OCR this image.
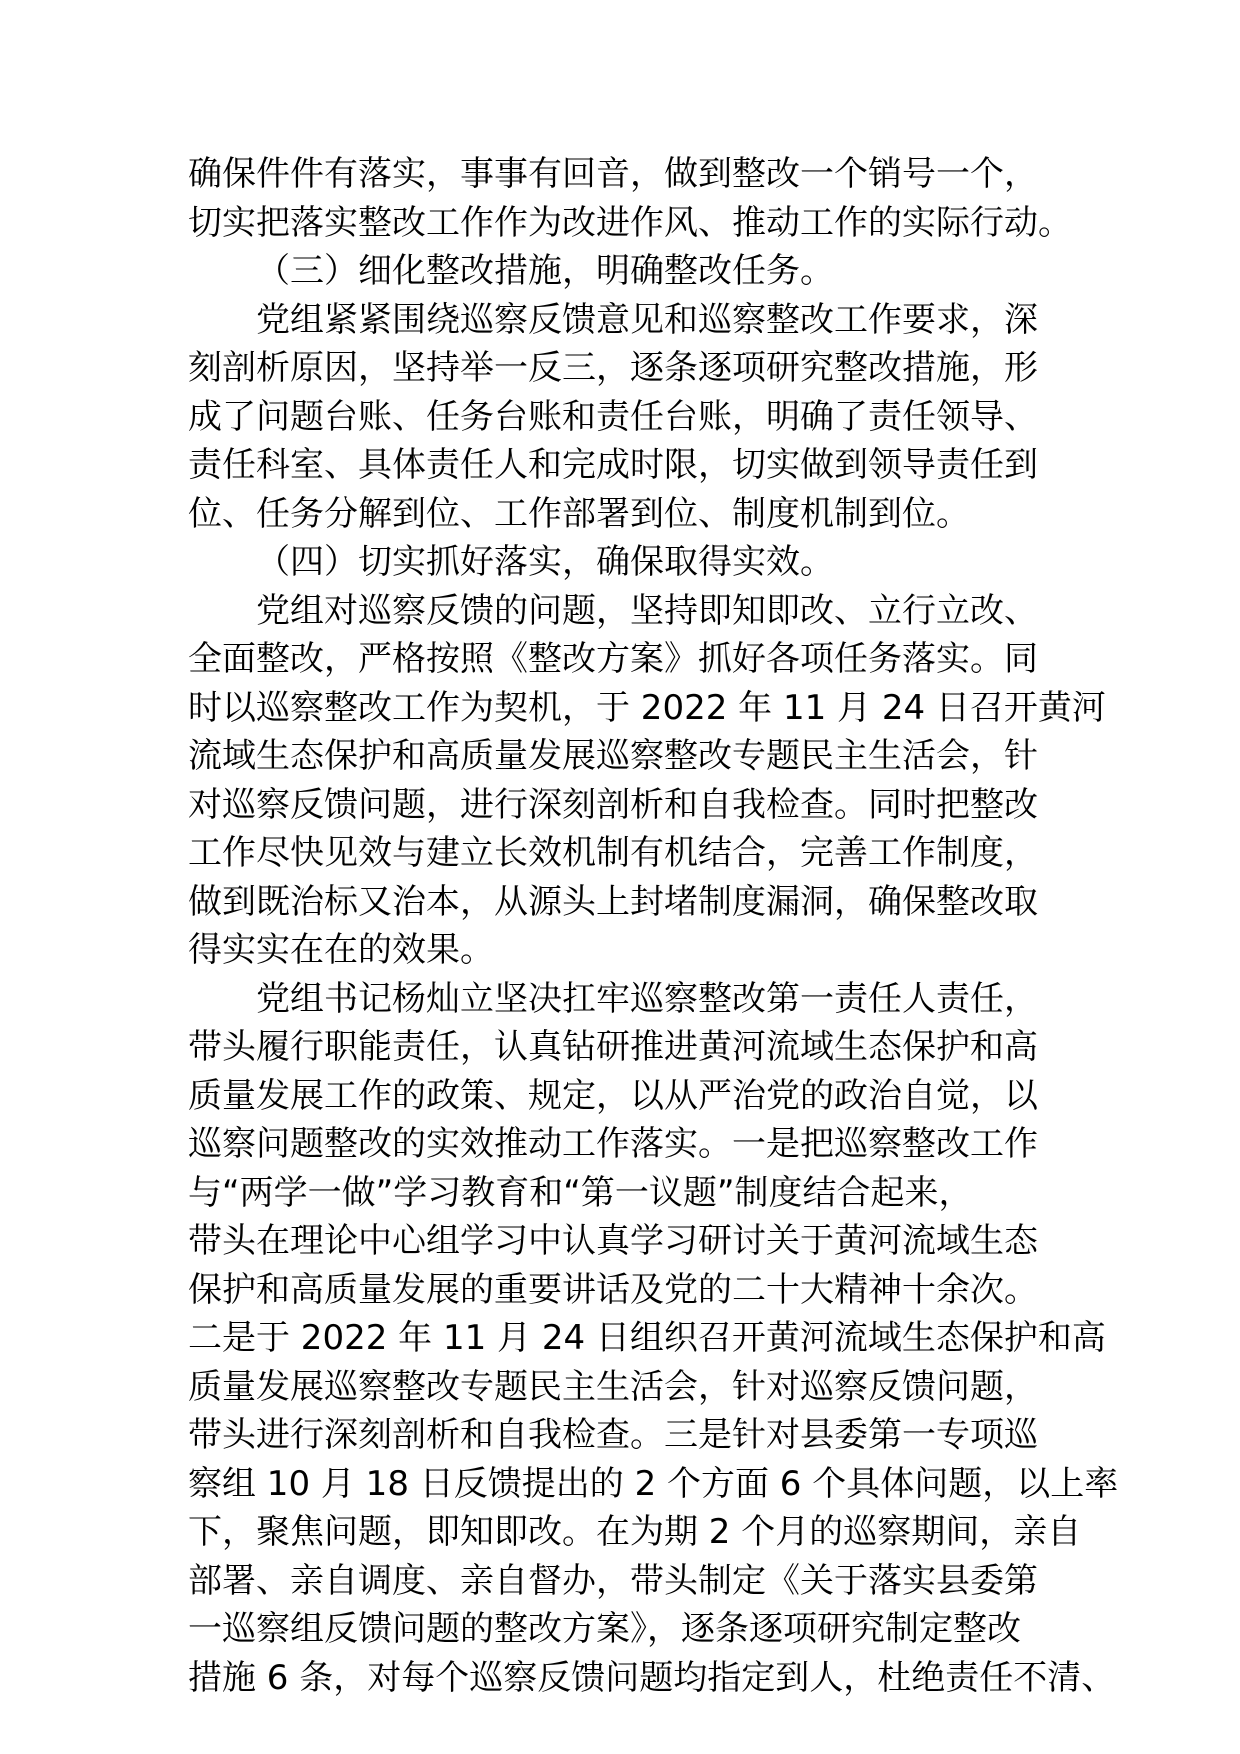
确保件件有落实，事事有回音，做到整改一个销号一个，
切实把落实整改工作作为改进作风、推动工作的实际行动。
（三）细化整改措施，明确整改任务。
党组紧紧围绕巡察反馈意见和巡察整改工作要求，深
刻剖析原因，坚持举一反三，逐条逐项研究整改措施，形
成了问题台账、任务台账和责任台账，明确了责任领导、
责任科室、具体责任人和完成时限，切实做到领导责任到
位、任务分解到位、工作部署到位、制度机制到位。
（四）切实抓好落实，确保取得实效。
党组对巡察反馈的问题，坚持即知即改、立行立改、
全面整改，严格按照《整改方案》抓好各项任务落实。同
时以巡察整改工作为契机，于 2022 年 11 月 24 日召开黄河
流域生态保护和高质量发展巡察整改专题民主生活会，针
对巡察反馈问题，进行深刻剖析和自我检查。同时把整改
工作尽快见效与建立长效机制有机结合，完善工作制度，
做到既治标又治本，从源头上封堵制度漏洞，确保整改取
得实实在在的效果。
党组书记杨灿立坚决扛牢巡察整改第一责任人责任，
带头履行职能责任，认真钻研推进黄河流域生态保护和高
质量发展工作的政策、规定，以从严治党的政治自觉，以
巡察问题整改的实效推动工作落实。一是把巡察整改工作
与“两学一做”学习教育和“第一议题”制度结合起来，
带头在理论中心组学习中认真学习研讨关于黄河流域生态
保护和高质量发展的重要讲话及党的二十大精神十余次。
二是于 2022 年 11 月 24 日组织召开黄河流域生态保护和高
质量发展巡察整改专题民主生活会，针对巡察反馈问题，
带头进行深刻剖析和自我检查。三是针对县委第一专项巡
察组 10 月 18 日反馈提出的 2 个方面 6 个具体问题，以上率
下，聚焦问题，即知即改。在为期 2 个月的巡察期间，亲自
部署、亲自调度、亲自督办，带头制定《关于落实县委第
一巡察组反馈问题的整改方案》，逐条逐项研究制定整改
措施 6 条，对每个巡察反馈问题均指定到人，杜绝责任不清、
